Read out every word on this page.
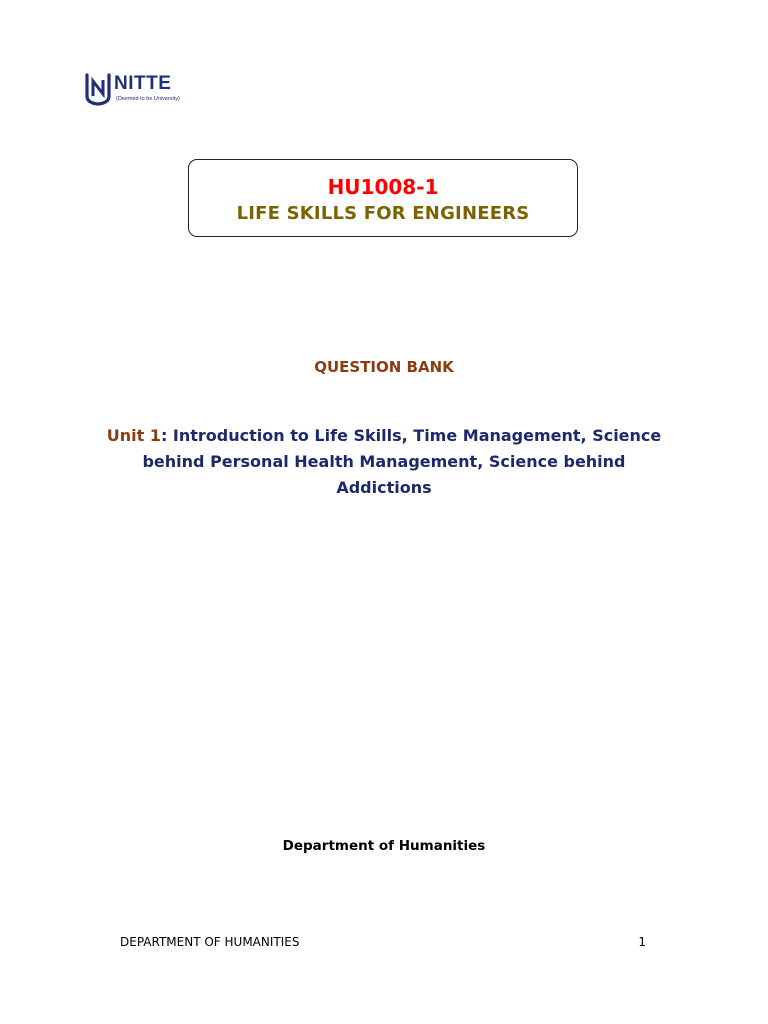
NITTE
(Deemed to be University)
HU1008-1
LIFE SKILLS FOR ENGINEERS
QUESTION BANK
Unit 1: Introduction to Life Skills, Time Management, Science behind Personal Health Management, Science behind Addictions
Department of Humanities
DEPARTMENT OF HUMANITIES	1
